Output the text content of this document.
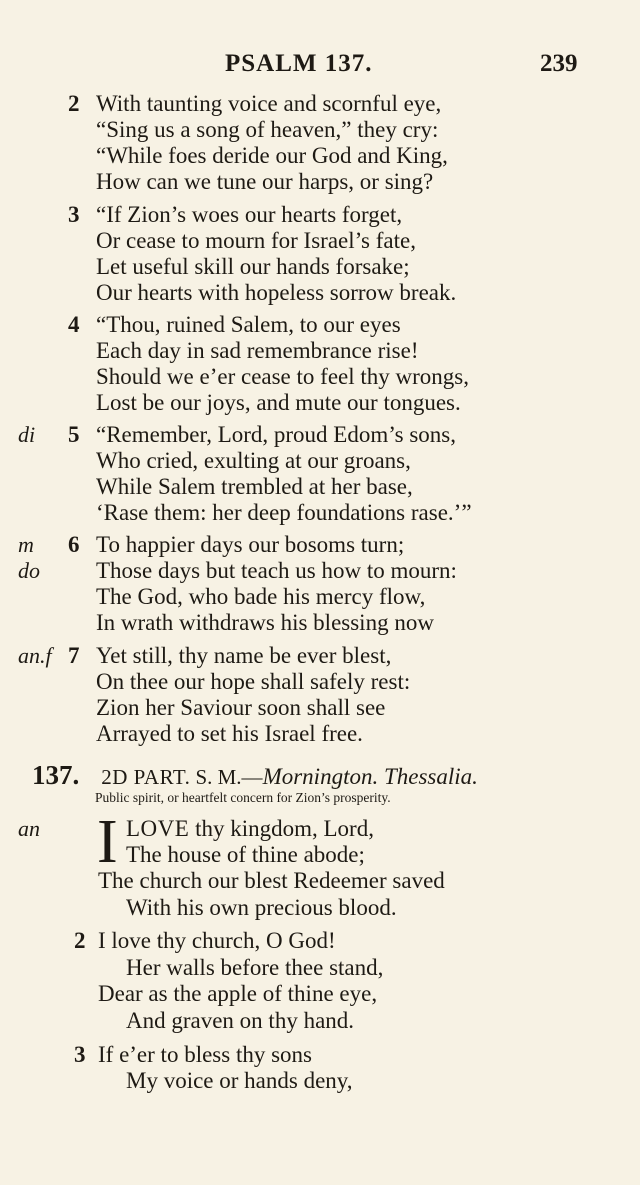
PSALM 137.	239
2 With taunting voice and scornful eye,
“Sing us a song of heaven,” they cry:
“While foes deride our God and King,
How can we tune our harps, or sing?
3 “If Zion’s woes our hearts forget,
Or cease to mourn for Israel’s fate,
Let useful skill our hands forsake;
Our hearts with hopeless sorrow break.
4 “Thou, ruined Salem, to our eyes
Each day in sad remembrance rise!
Should we e’er cease to feel thy wrongs,
Lost be our joys, and mute our tongues.
di 5 “Remember, Lord, proud Edom’s sons,
Who cried, exulting at our groans,
While Salem trembled at her base,
‘Rase them: her deep foundations rase.’”
m
do
6 To happier days our bosoms turn;
Those days but teach us how to mourn:
The God, who bade his mercy flow,
In wrath withdraws his blessing now
an.f 7 Yet still, thy name be ever blest,
On thee our hope shall safely rest:
Zion her Saviour soon shall see
Arrayed to set his Israel free.
137. 2D PART. S. M.—Mornington. Thessalia.
Public spirit, or heartfelt concern for Zion’s prosperity.
an I LOVE thy kingdom, Lord,
The house of thine abode;
The church our blest Redeemer saved
With his own precious blood.
2 I love thy church, O God!
Her walls before thee stand,
Dear as the apple of thine eye,
And graven on thy hand.
3 If e’er to bless thy sons
My voice or hands deny,
